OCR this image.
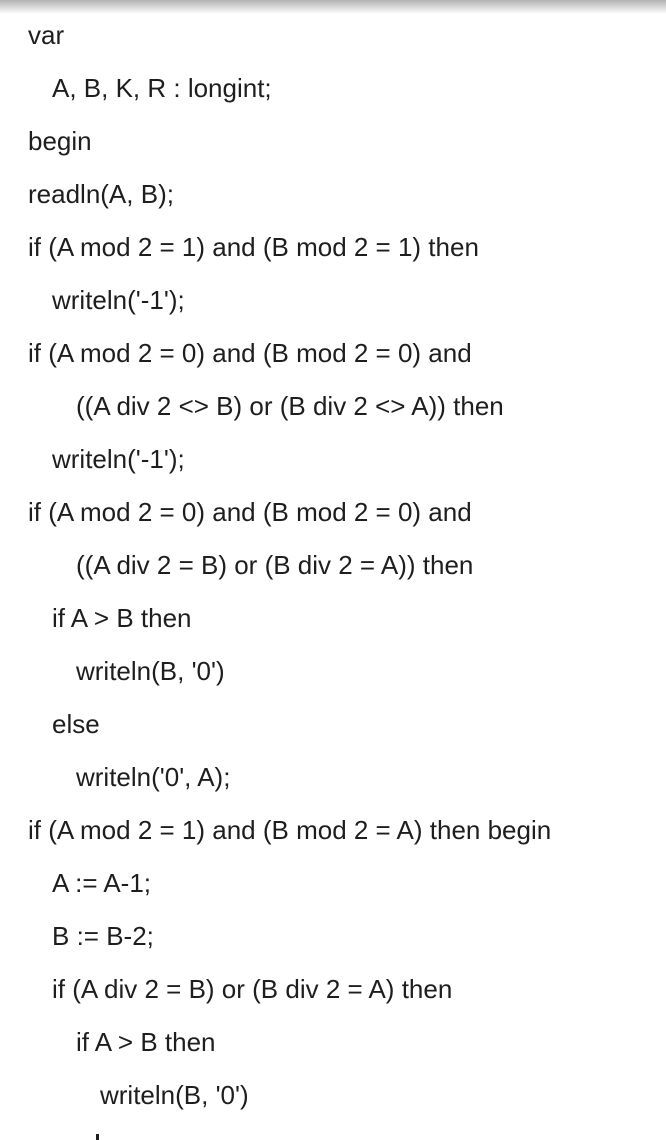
var
A, B, K, R : longint;
begin
readln(A, B);
if (A mod 2 = 1) and (B mod 2 = 1) then
writeln('-1');
if (A mod 2 = 0) and (B mod 2 = 0) and
((A div 2 <> B) or (B div 2 <> A)) then
writeln('-1');
if (A mod 2 = 0) and (B mod 2 = 0) and
((A div 2 = B) or (B div 2 = A)) then
if A > B then
writeln(B, '0')
else
writeln('0', A);
if (A mod 2 = 1) and (B mod 2 = A) then begin
A := A-1;
B := B-2;
if (A div 2 = B) or (B div 2 = A) then
if A > B then
writeln(B, '0')
